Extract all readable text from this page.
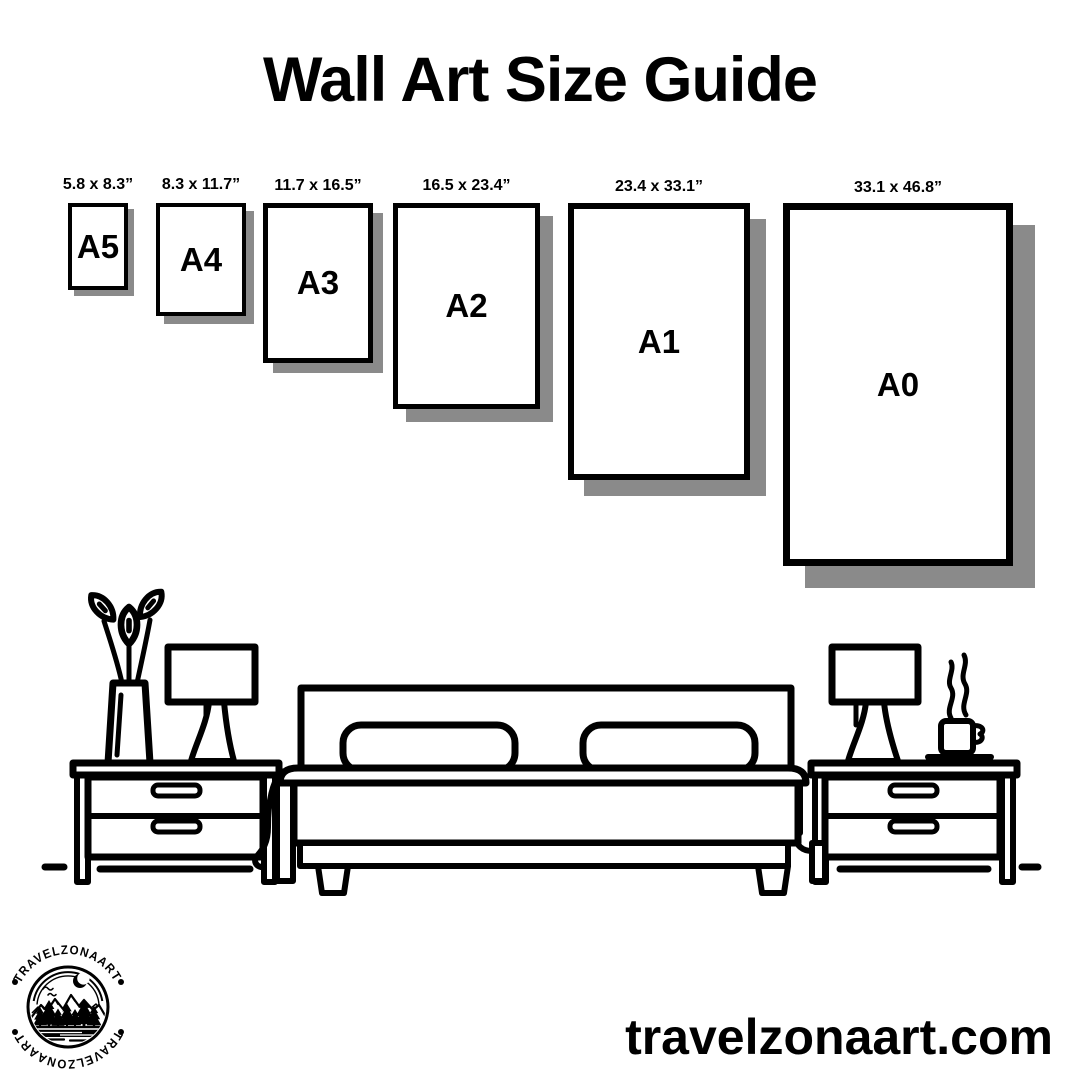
Wall Art Size Guide
5.8 x 8.3”
A5
8.3 x 11.7”
A4
11.7 x 16.5”
A3
16.5 x 23.4”
A2
23.4 x 33.1”
A1
33.1 x 46.8”
A0
TRAVELZONAART
TRAVELZONAART	travelzonaart.com
